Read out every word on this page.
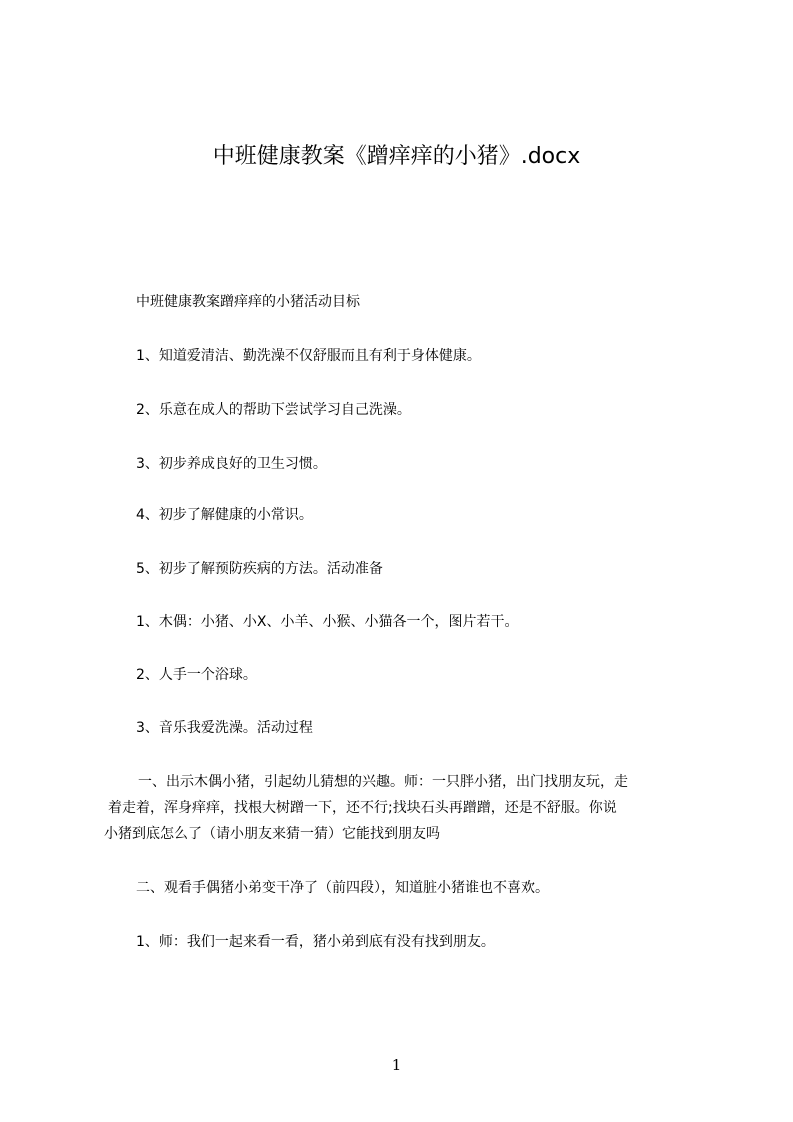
中班健康教案《蹭痒痒的小猪》.docx
中班健康教案蹭痒痒的小猪活动目标
1、知道爱清洁、勤洗澡不仅舒服而且有利于身体健康。
2、乐意在成人的帮助下尝试学习自己洗澡。
3、初步养成良好的卫生习惯。
4、初步了解健康的小常识。
5、初步了解预防疾病的方法。活动准备
1、木偶：小猪、小X、小羊、小猴、小猫各一个，图片若干。
2、人手一个浴球。
3、音乐我爱洗澡。活动过程
一、出示木偶小猪，引起幼儿猜想的兴趣。师：一只胖小猪，出门找朋友玩，走
着走着，浑身痒痒，找根大树蹭一下，还不行;找块石头再蹭蹭，还是不舒服。你说
小猪到底怎么了（请小朋友来猜一猜）它能找到朋友吗
二、观看手偶猪小弟变干净了（前四段），知道脏小猪谁也不喜欢。
1、师：我们一起来看一看，猪小弟到底有没有找到朋友。
1
